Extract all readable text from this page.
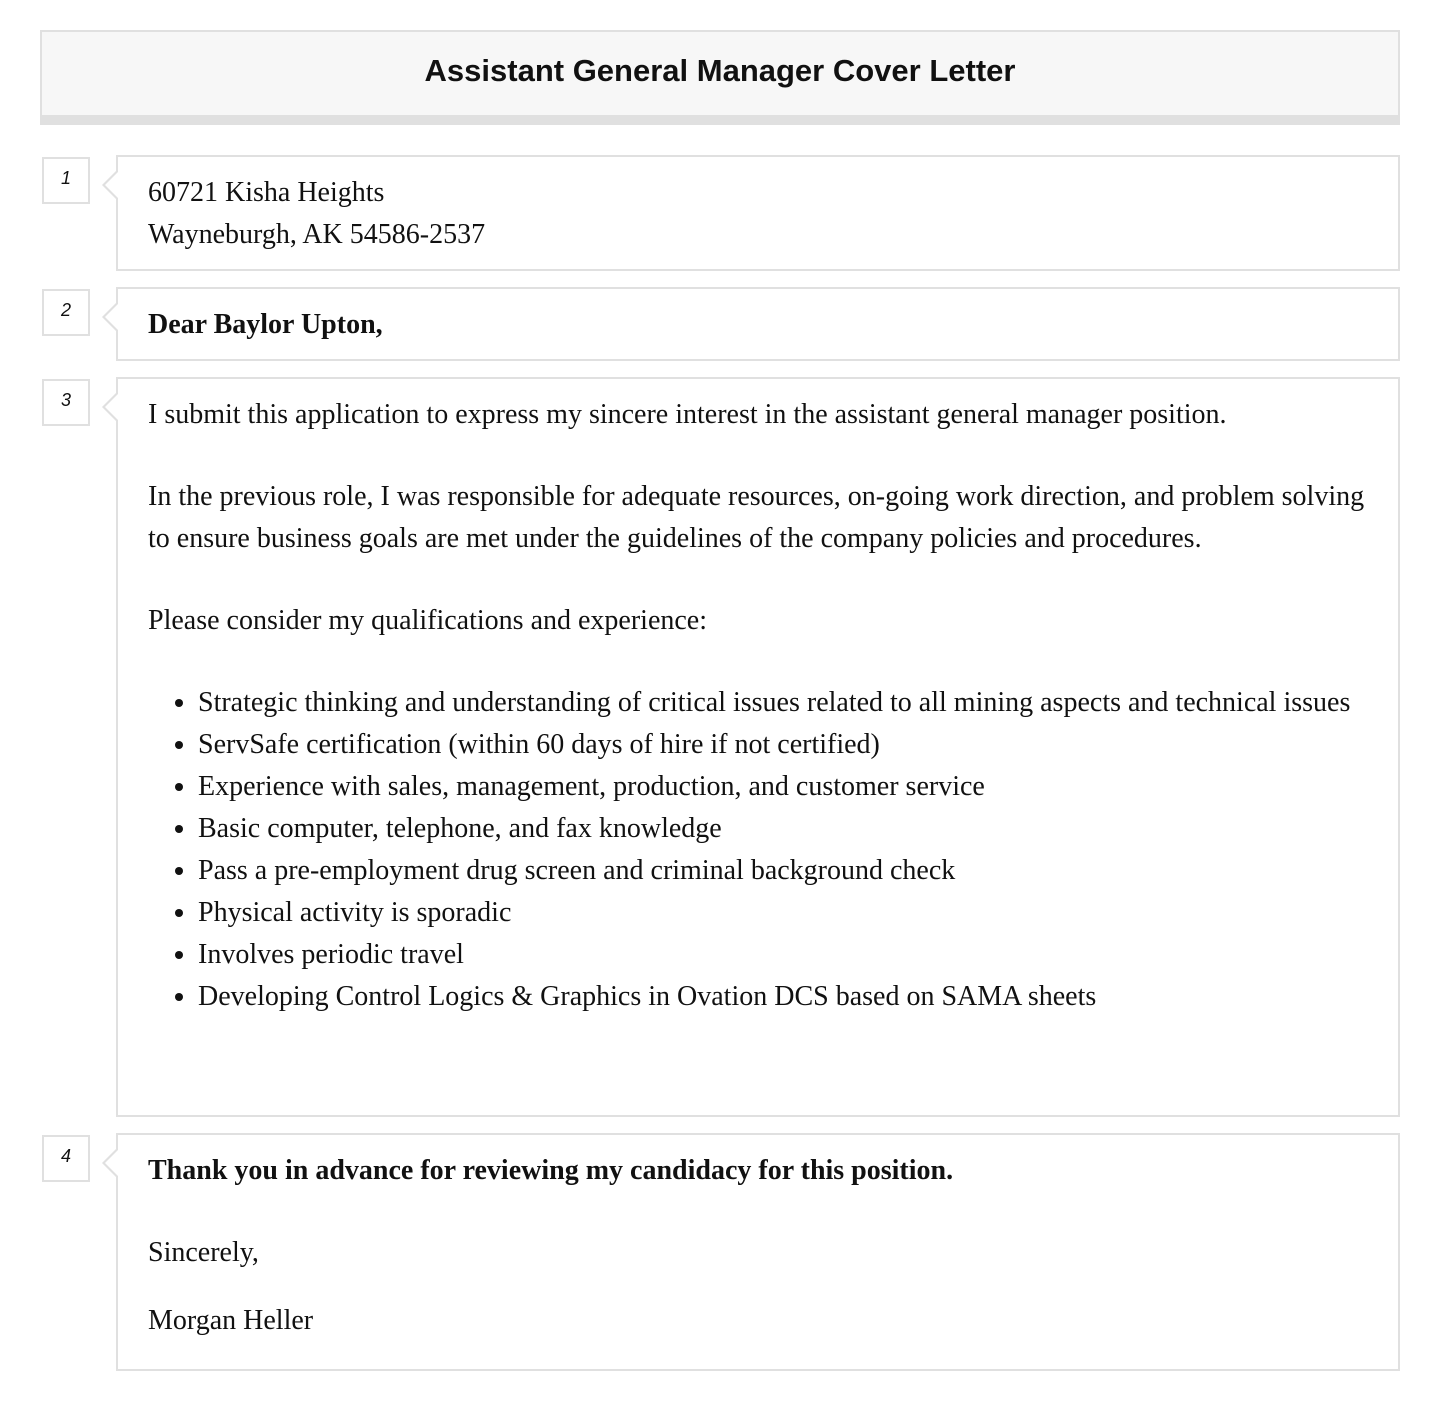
Assistant General Manager Cover Letter
1	60721 Kisha Heights
Wayneburgh, AK 54586-2537
2	Dear Baylor Upton,
3	I submit this application to express my sincere interest in the assistant general manager position.

In the previous role, I was responsible for adequate resources, on-going work direction, and problem solving to ensure business goals are met under the guidelines of the company policies and procedures.

Please consider my qualifications and experience:

• Strategic thinking and understanding of critical issues related to all mining aspects and technical issues
• ServSafe certification (within 60 days of hire if not certified)
• Experience with sales, management, production, and customer service
• Basic computer, telephone, and fax knowledge
• Pass a pre-employment drug screen and criminal background check
• Physical activity is sporadic
• Involves periodic travel
• Developing Control Logics & Graphics in Ovation DCS based on SAMA sheets
4	Thank you in advance for reviewing my candidacy for this position.

Sincerely,

Morgan Heller
